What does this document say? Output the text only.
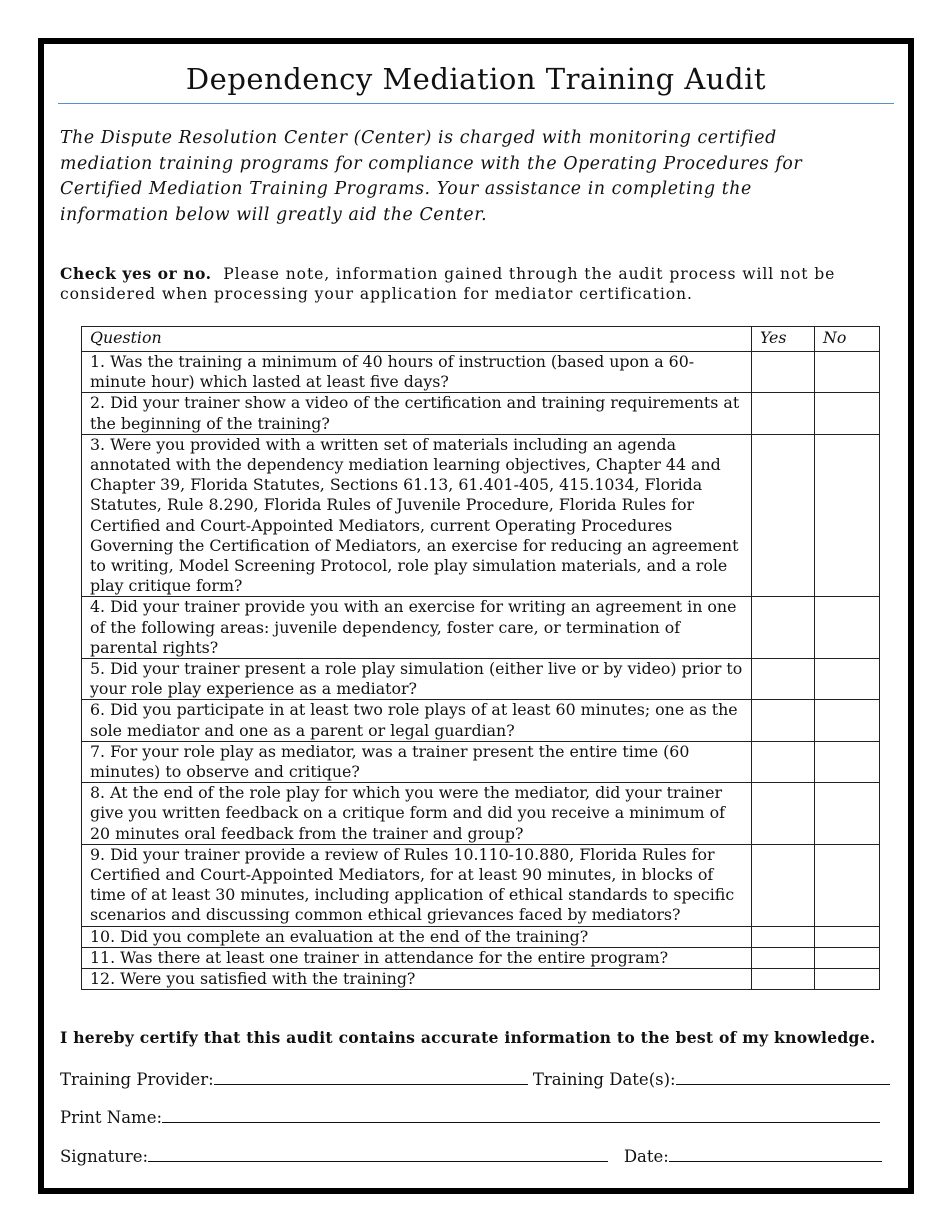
Dependency Mediation Training Audit

The Dispute Resolution Center (Center) is charged with monitoring certified mediation training programs for compliance with the Operating Procedures for Certified Mediation Training Programs. Your assistance in completing the information below will greatly aid the Center.

Check yes or no. Please note, information gained through the audit process will not be considered when processing your application for mediator certification.

Question	Yes	No
1. Was the training a minimum of 40 hours of instruction (based upon a 60-minute hour) which lasted at least five days?		
2. Did your trainer show a video of the certification and training requirements at the beginning of the training?		
3. Were you provided with a written set of materials including an agenda annotated with the dependency mediation learning objectives, Chapter 44 and Chapter 39, Florida Statutes, Sections 61.13, 61.401-405, 415.1034, Florida Statutes, Rule 8.290, Florida Rules of Juvenile Procedure, Florida Rules for Certified and Court-Appointed Mediators, current Operating Procedures Governing the Certification of Mediators, an exercise for reducing an agreement to writing, Model Screening Protocol, role play simulation materials, and a role play critique form?		
4. Did your trainer provide you with an exercise for writing an agreement in one of the following areas: juvenile dependency, foster care, or termination of parental rights?		
5. Did your trainer present a role play simulation (either live or by video) prior to your role play experience as a mediator?		
6. Did you participate in at least two role plays of at least 60 minutes; one as the sole mediator and one as a parent or legal guardian?		
7. For your role play as mediator, was a trainer present the entire time (60 minutes) to observe and critique?		
8. At the end of the role play for which you were the mediator, did your trainer give you written feedback on a critique form and did you receive a minimum of 20 minutes oral feedback from the trainer and group?		
9. Did your trainer provide a review of Rules 10.110-10.880, Florida Rules for Certified and Court-Appointed Mediators, for at least 90 minutes, in blocks of time of at least 30 minutes, including application of ethical standards to specific scenarios and discussing common ethical grievances faced by mediators?		
10. Did you complete an evaluation at the end of the training?		
11. Was there at least one trainer in attendance for the entire program?		
12. Were you satisfied with the training?		

I hereby certify that this audit contains accurate information to the best of my knowledge.

Training Provider:	Training Date(s):
Print Name:
Signature:	Date:
